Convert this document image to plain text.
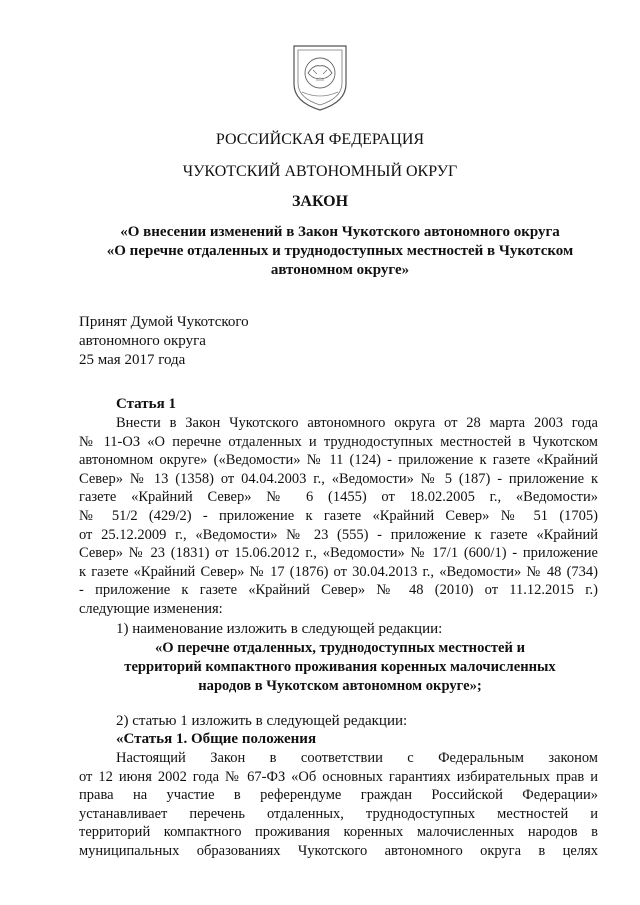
РОССИЙСКАЯ ФЕДЕРАЦИЯ
ЧУКОТСКИЙ АВТОНОМНЫЙ ОКРУГ
ЗАКОН
«О внесении изменений в Закон Чукотского автономного округа
«О перечне отдаленных и труднодоступных местностей в Чукотском
автономном округе»
Принят Думой Чукотского
автономного округа
25 мая 2017 года
Статья 1
Внести в Закон Чукотского автономного округа от 28 марта 2003 года
№ 11-ОЗ «О перечне отдаленных и труднодоступных местностей в Чукотском
автономном округе» («Ведомости» № 11 (124) - приложение к газете «Крайний
Север» № 13 (1358) от 04.04.2003 г., «Ведомости» № 5 (187) - приложение к
газете «Крайний Север» № 6 (1455) от 18.02.2005 г., «Ведомости»
№ 51/2 (429/2) - приложение к газете «Крайний Север» № 51 (1705)
от 25.12.2009 г., «Ведомости» № 23 (555) - приложение к газете «Крайний
Север» № 23 (1831) от 15.06.2012 г., «Ведомости» № 17/1 (600/1) - приложение
к газете «Крайний Север» № 17 (1876) от 30.04.2013 г., «Ведомости» № 48 (734)
- приложение к газете «Крайний Север» № 48 (2010) от 11.12.2015 г.)
следующие изменения:
1) наименование изложить в следующей редакции:
«О перечне отдаленных, труднодоступных местностей и
территорий компактного проживания коренных малочисленных
народов в Чукотском автономном округе»;
2) статью 1 изложить в следующей редакции:
«Статья 1. Общие положения
Настоящий Закон в соответствии с Федеральным законом
от 12 июня 2002 года № 67-ФЗ «Об основных гарантиях избирательных прав и
права на участие в референдуме граждан Российской Федерации»
устанавливает перечень отдаленных, труднодоступных местностей и
территорий компактного проживания коренных малочисленных народов в
муниципальных образованиях Чукотского автономного округа в целях
